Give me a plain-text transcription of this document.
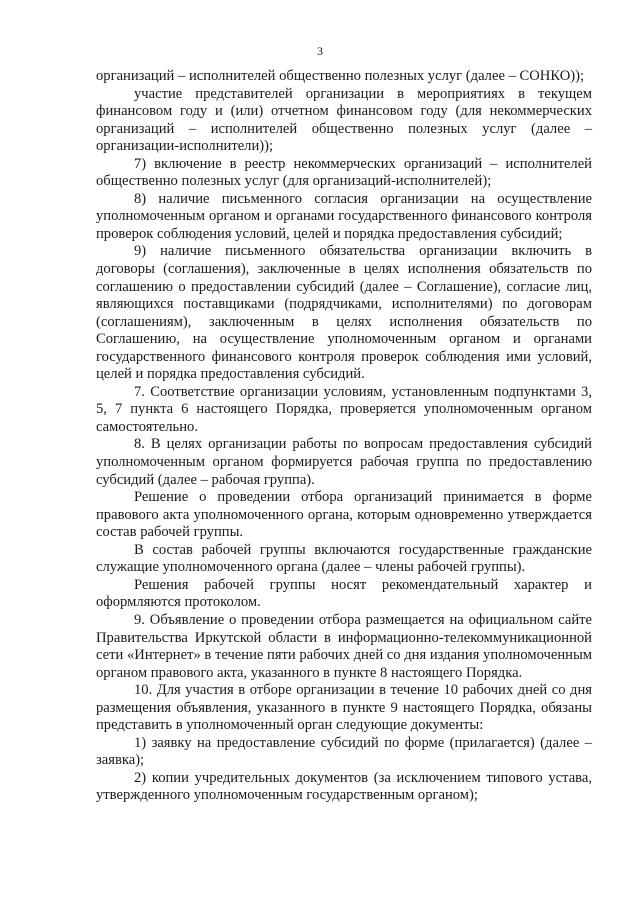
3

организаций – исполнителей общественно полезных услуг (далее – СОНКО));

участие представителей организации в мероприятиях в текущем финансовом году и (или) отчетном финансовом году (для некоммерческих организаций – исполнителей общественно полезных услуг (далее – организации-исполнители));

7) включение в реестр некоммерческих организаций – исполнителей общественно полезных услуг (для организаций-исполнителей);

8) наличие письменного согласия организации на осуществление уполномоченным органом и органами государственного финансового контроля проверок соблюдения условий, целей и порядка предоставления субсидий;

9) наличие письменного обязательства организации включить в договоры (соглашения), заключенные в целях исполнения обязательств по соглашению о предоставлении субсидий (далее – Соглашение), согласие лиц, являющихся поставщиками (подрядчиками, исполнителями) по договорам (соглашениям), заключенным в целях исполнения обязательств по Соглашению, на осуществление уполномоченным органом и органами государственного финансового контроля проверок соблюдения ими условий, целей и порядка предоставления субсидий.

7. Соответствие организации условиям, установленным подпунктами 3, 5, 7 пункта 6 настоящего Порядка, проверяется уполномоченным органом самостоятельно.

8. В целях организации работы по вопросам предоставления субсидий уполномоченным органом формируется рабочая группа по предоставлению субсидий (далее – рабочая группа).

Решение о проведении отбора организаций принимается в форме правового акта уполномоченного органа, которым одновременно утверждается состав рабочей группы.

В состав рабочей группы включаются государственные гражданские служащие уполномоченного органа (далее – члены рабочей группы).

Решения рабочей группы носят рекомендательный характер и оформляются протоколом.

9. Объявление о проведении отбора размещается на официальном сайте Правительства Иркутской области в информационно-телекоммуникационной сети «Интернет» в течение пяти рабочих дней со дня издания уполномоченным органом правового акта, указанного в пункте 8 настоящего Порядка.

10. Для участия в отборе организации в течение 10 рабочих дней со дня размещения объявления, указанного в пункте 9 настоящего Порядка, обязаны представить в уполномоченный орган следующие документы:

1) заявку на предоставление субсидий по форме (прилагается) (далее – заявка);

2) копии учредительных документов (за исключением типового устава, утвержденного уполномоченным государственным органом);
